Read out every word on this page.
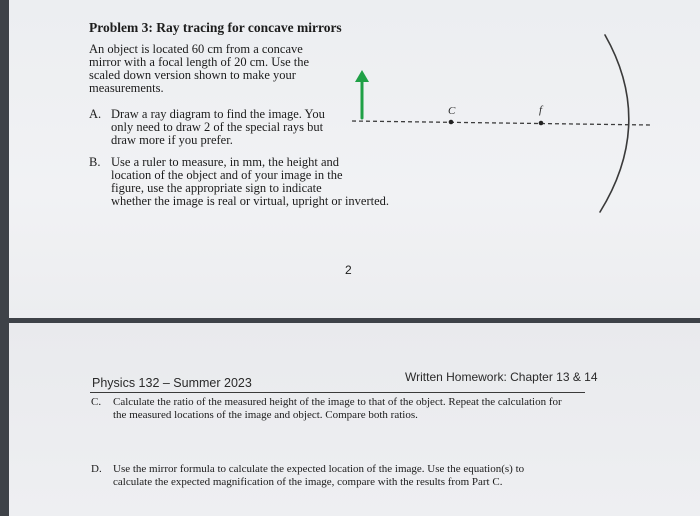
Problem 3: Ray tracing for concave mirrors
An object is located 60 cm from a concave
mirror with a focal length of 20 cm. Use the
scaled down version shown to make your
measurements.
A. Draw a ray diagram to find the image. You
only need to draw 2 of the special rays but
draw more if you prefer.
B. Use a ruler to measure, in mm, the height and
location of the object and of your image in the
figure, use the appropriate sign to indicate
whether the image is real or virtual, upright or inverted.
2
C	f
Physics 132 – Summer 2023	Written Homework: Chapter 13 & 14
C.	Calculate the ratio of the measured height of the image to that of the object. Repeat the calculation for
the measured locations of the image and object. Compare both ratios.
D.	Use the mirror formula to calculate the expected location of the image. Use the equation(s) to
calculate the expected magnification of the image, compare with the results from Part C.
